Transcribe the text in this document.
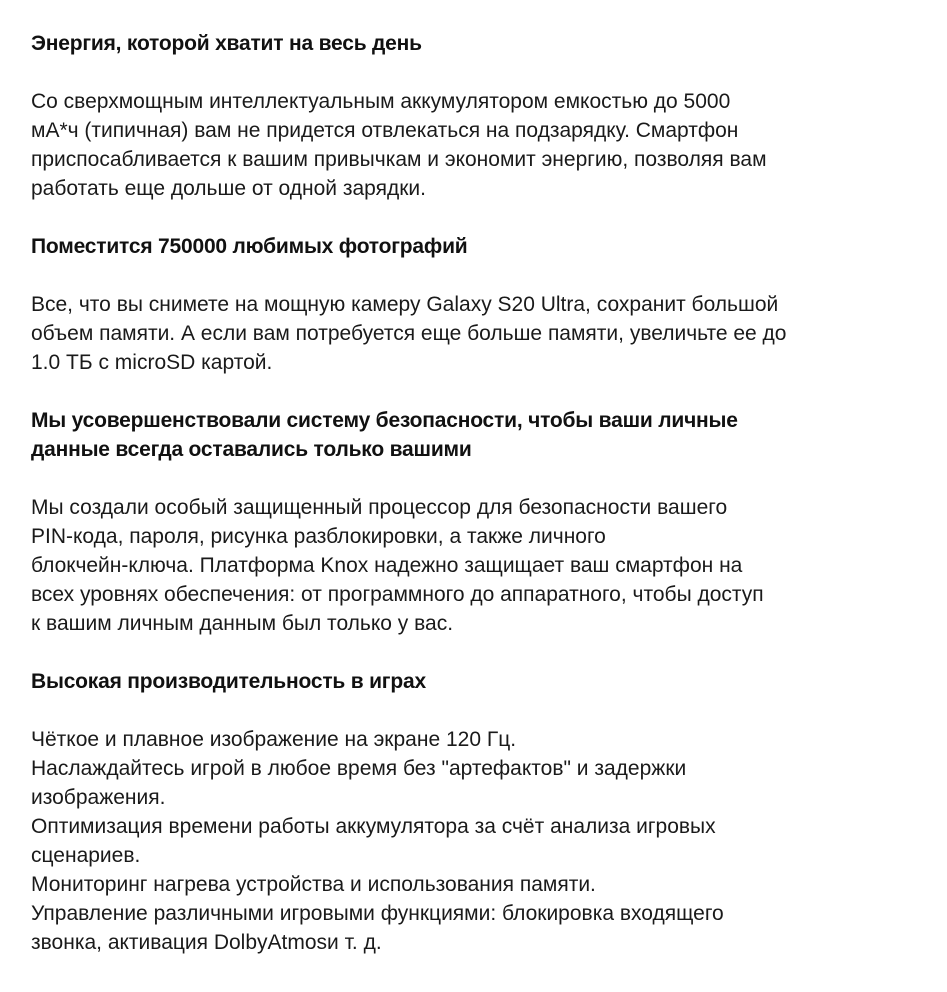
Энергия, которой хватит на весь день

Со сверхмощным интеллектуальным аккумулятором емкостью до 5000
мА*ч (типичная) вам не придется отвлекаться на подзарядку. Смартфон
приспосабливается к вашим привычкам и экономит энергию, позволяя вам
работать еще дольше от одной зарядки.

Поместится 750000 любимых фотографий

Все, что вы снимете на мощную камеру Galaxy S20 Ultra, сохранит большой
объем памяти. А если вам потребуется еще больше памяти, увеличьте ее до
1.0 ТБ с microSD картой.

Мы усовершенствовали систему безопасности, чтобы ваши личные
данные всегда оставались только вашими

Мы создали особый защищенный процессор для безопасности вашего
PIN-кода, пароля, рисунка разблокировки, а также личного
блокчейн-ключа. Платформа Knox надежно защищает ваш смартфон на
всех уровнях обеспечения: от программного до аппаратного, чтобы доступ
к вашим личным данным был только у вас.

Высокая производительность в играх

Чёткое и плавное изображение на экране 120 Гц.
Наслаждайтесь игрой в любое время без "артефактов" и задержки
изображения.
Оптимизация времени работы аккумулятора за счёт анализа игровых
сценариев.
Мониторинг нагрева устройства и использования памяти.
Управление различными игровыми функциями: блокировка входящего
звонка, активация DolbyAtmosи т. д.
